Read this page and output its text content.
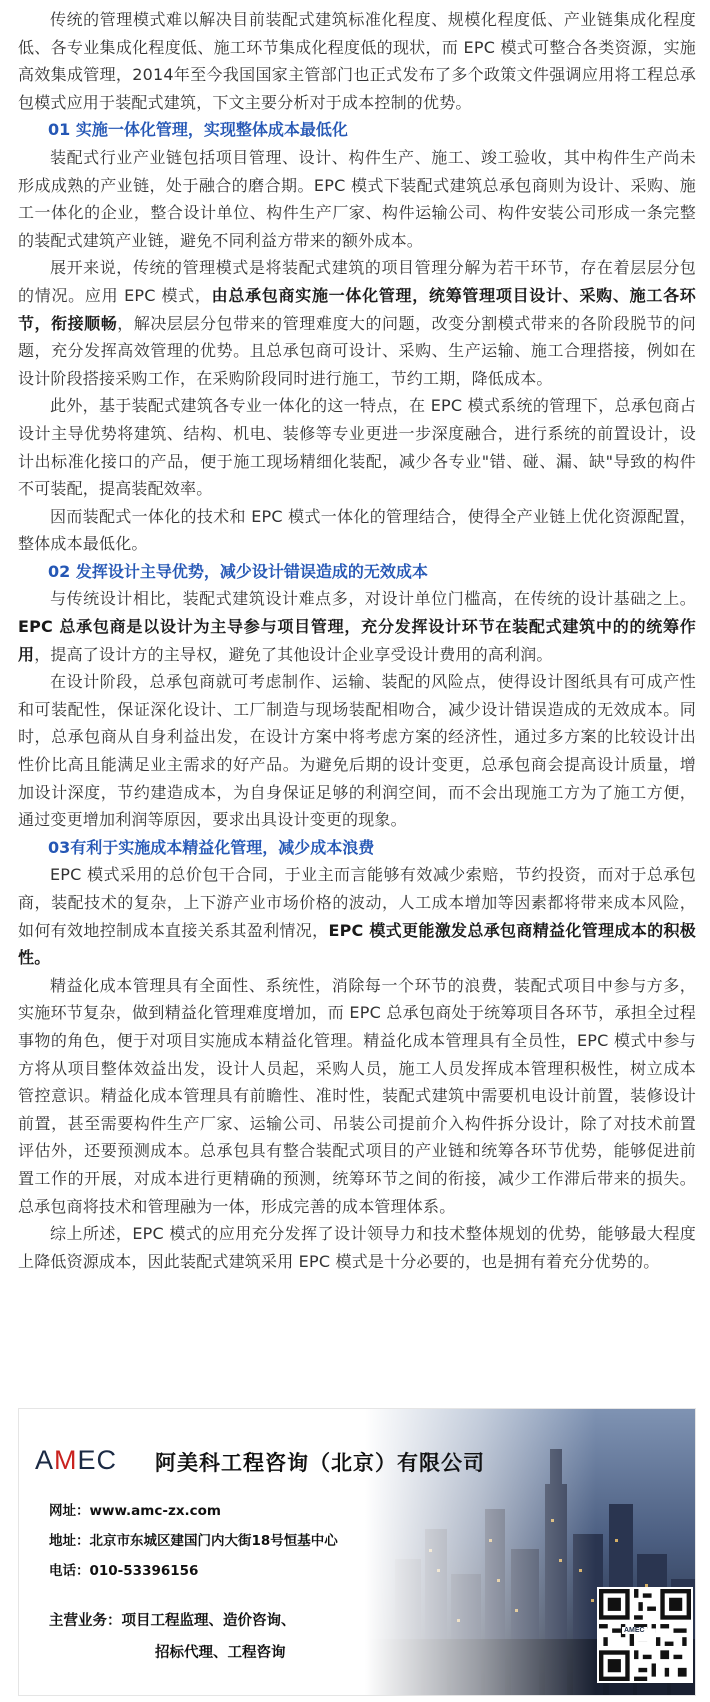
传统的管理模式难以解决目前装配式建筑标准化程度、规模化程度低、产业链集成化程度低、各专业集成化程度低、施工环节集成化程度低的现状，而 EPC 模式可整合各类资源，实施高效集成管理，2014年至今我国国家主管部门也正式发布了多个政策文件强调应用将工程总承包模式应用于装配式建筑，下文主要分析对于成本控制的优势。

01 实施一体化管理，实现整体成本最低化

装配式行业产业链包括项目管理、设计、构件生产、施工、竣工验收，其中构件生产尚未形成成熟的产业链，处于融合的磨合期。EPC 模式下装配式建筑总承包商则为设计、采购、施工一体化的企业，整合设计单位、构件生产厂家、构件运输公司、构件安装公司形成一条完整的装配式建筑产业链，避免不同利益方带来的额外成本。

展开来说，传统的管理模式是将装配式建筑的项目管理分解为若干环节，存在着层层分包的情况。应用 EPC 模式，由总承包商实施一体化管理，统筹管理项目设计、采购、施工各环节，衔接顺畅，解决层层分包带来的管理难度大的问题，改变分割模式带来的各阶段脱节的问题，充分发挥高效管理的优势。且总承包商可设计、采购、生产运输、施工合理搭接，例如在设计阶段搭接采购工作，在采购阶段同时进行施工，节约工期，降低成本。

此外，基于装配式建筑各专业一体化的这一特点，在 EPC 模式系统的管理下，总承包商占设计主导优势将建筑、结构、机电、装修等专业更进一步深度融合，进行系统的前置设计，设计出标准化接口的产品，便于施工现场精细化装配，减少各专业"错、碰、漏、缺"导致的构件不可装配，提高装配效率。

因而装配式一体化的技术和 EPC 模式一体化的管理结合，使得全产业链上优化资源配置，整体成本最低化。

02 发挥设计主导优势，减少设计错误造成的无效成本

与传统设计相比，装配式建筑设计难点多，对设计单位门槛高，在传统的设计基础之上。EPC 总承包商是以设计为主导参与项目管理，充分发挥设计环节在装配式建筑中的的统筹作用，提高了设计方的主导权，避免了其他设计企业享受设计费用的高利润。

在设计阶段，总承包商就可考虑制作、运输、装配的风险点，使得设计图纸具有可成产性和可装配性，保证深化设计、工厂制造与现场装配相吻合，减少设计错误造成的无效成本。同时，总承包商从自身利益出发，在设计方案中将考虑方案的经济性，通过多方案的比较设计出性价比高且能满足业主需求的好产品。为避免后期的设计变更，总承包商会提高设计质量，增加设计深度，节约建造成本，为自身保证足够的利润空间，而不会出现施工方为了施工方便，通过变更增加利润等原因，要求出具设计变更的现象。

03有利于实施成本精益化管理，减少成本浪费

EPC 模式采用的总价包干合同，于业主而言能够有效减少索赔，节约投资，而对于总承包商，装配技术的复杂，上下游产业市场价格的波动，人工成本增加等因素都将带来成本风险，如何有效地控制成本直接关系其盈利情况，EPC 模式更能激发总承包商精益化管理成本的积极性。

精益化成本管理具有全面性、系统性，消除每一个环节的浪费，装配式项目中参与方多，实施环节复杂，做到精益化管理难度增加，而 EPC 总承包商处于统筹项目各环节，承担全过程事物的角色，便于对项目实施成本精益化管理。精益化成本管理具有全员性，EPC 模式中参与方将从项目整体效益出发，设计人员起，采购人员，施工人员发挥成本管理积极性，树立成本管控意识。精益化成本管理具有前瞻性、准时性，装配式建筑中需要机电设计前置，装修设计前置，甚至需要构件生产厂家、运输公司、吊装公司提前介入构件拆分设计，除了对技术前置评估外，还要预测成本。总承包具有整合装配式项目的产业链和统筹各环节优势，能够促进前置工作的开展，对成本进行更精确的预测，统筹环节之间的衔接，减少工作滞后带来的损失。总承包商将技术和管理融为一体，形成完善的成本管理体系。

综上所述，EPC 模式的应用充分发挥了设计领导力和技术整体规划的优势，能够最大程度上降低资源成本，因此装配式建筑采用 EPC 模式是十分必要的，也是拥有着充分优势的。

AMEC 阿美科工程咨询（北京）有限公司
网址：www.amc-zx.com
地址：北京市东城区建国门内大街18号恒基中心
电话：010-53396156
主营业务：项目工程监理、造价咨询、
招标代理、工程咨询
AMEC
